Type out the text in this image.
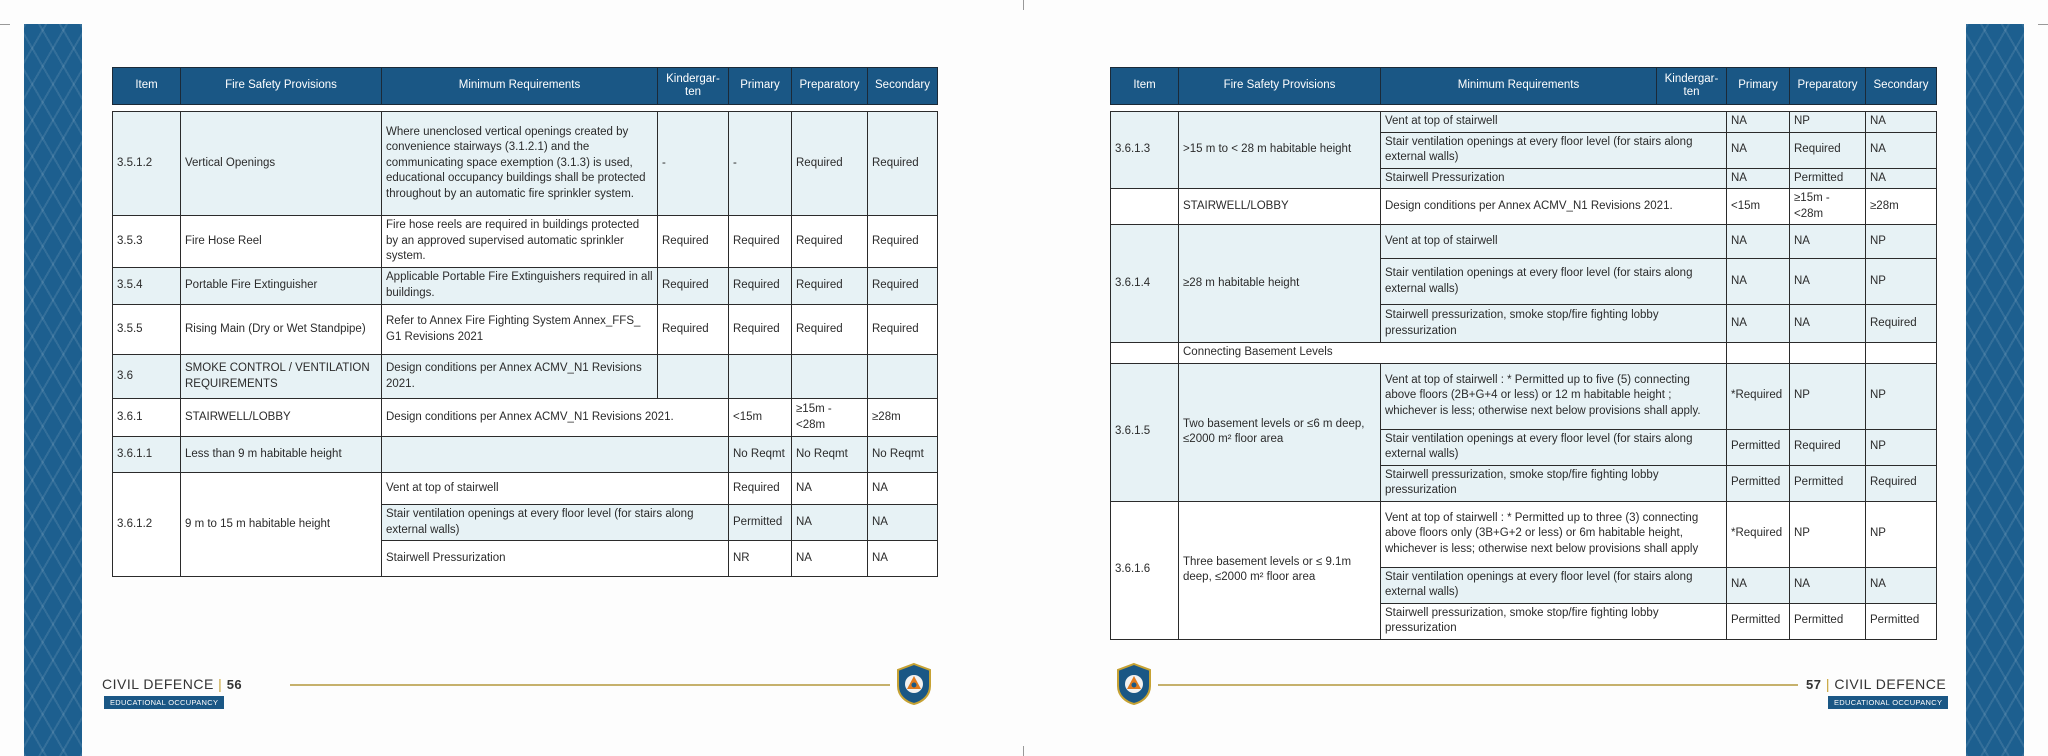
Item	Fire Safety Provisions	Minimum Requirements	Kindergar-ten	Primary	Preparatory	Secondary

3.5.1.2	Vertical Openings	Where unenclosed vertical openings created by convenience stairways (3.1.2.1) and the communicating space exemption (3.1.3) is used, educational occupancy buildings shall be protected throughout by an automatic fire sprinkler system.	-	-	Required	Required
3.5.3	Fire Hose Reel	Fire hose reels are required in buildings protected by an approved supervised automatic sprinkler system.	Required	Required	Required	Required
3.5.4	Portable Fire Extinguisher	Applicable Portable Fire Extinguishers required in all buildings.	Required	Required	Required	Required
3.5.5	Rising Main (Dry or Wet Standpipe)	Refer to Annex Fire Fighting System Annex_FFS_ G1 Revisions 2021	Required	Required	Required	Required
3.6	SMOKE CONTROL / VENTILATION REQUIREMENTS	Design conditions per Annex ACMV_N1 Revisions 2021.				
3.6.1	STAIRWELL/LOBBY	Design conditions per Annex ACMV_N1 Revisions 2021.		<15m	≥15m - <28m	≥28m
3.6.1.1	Less than 9 m habitable height			No Reqmt	No Reqmt	No Reqmt
3.6.1.2	9 m to 15 m habitable height	Vent at top of stairwell		Required	NA	NA
		Stair ventilation openings at every floor level (for stairs along external walls)		Permitted	NA	NA
		Stairwell Pressurization		NR	NA	NA
CIVIL DEFENCE | 56
EDUCATIONAL OCCUPANCY
Item	Fire Safety Provisions	Minimum Requirements	Kindergar-ten	Primary	Preparatory	Secondary

3.6.1.3	>15 m to < 28 m habitable height	Vent at top of stairwell		NA	NP	NA
		Stair ventilation openings at every floor level (for stairs along external walls)		NA	Required	NA
		Stairwell Pressurization		NA	Permitted	NA
	STAIRWELL/LOBBY	Design conditions per Annex ACMV_N1 Revisions 2021.		<15m	≥15m - <28m	≥28m
3.6.1.4	≥28 m habitable height	Vent at top of stairwell		NA	NA	NP
		Stair ventilation openings at every floor level (for stairs along external walls)		NA	NA	NP
		Stairwell pressurization, smoke stop/fire fighting lobby pressurization		NA	NA	Required
	Connecting Basement Levels					
3.6.1.5	Two basement levels or ≤6 m deep, ≤2000 m² floor area	Vent at top of stairwell : * Permitted up to five (5) connecting above floors (2B+G+4 or less) or 12 m habitable height ; whichever is less; otherwise next below provisions shall apply.		*Required	NP	NP
		Stair ventilation openings at every floor level (for stairs along external walls)		Permitted	Required	NP
		Stairwell pressurization, smoke stop/fire fighting lobby pressurization		Permitted	Permitted	Required
3.6.1.6	Three basement levels or ≤ 9.1m deep, ≤2000 m² floor area	Vent at top of stairwell : * Permitted up to three (3) connecting above floors only (3B+G+2 or less) or 6m habitable height, whichever is less; otherwise next below provisions shall apply		*Required	NP	NP
		Stair ventilation openings at every floor level (for stairs along external walls)		NA	NA	NA
		Stairwell pressurization, smoke stop/fire fighting lobby pressurization		Permitted	Permitted	Permitted
57 | CIVIL DEFENCE
EDUCATIONAL OCCUPANCY
